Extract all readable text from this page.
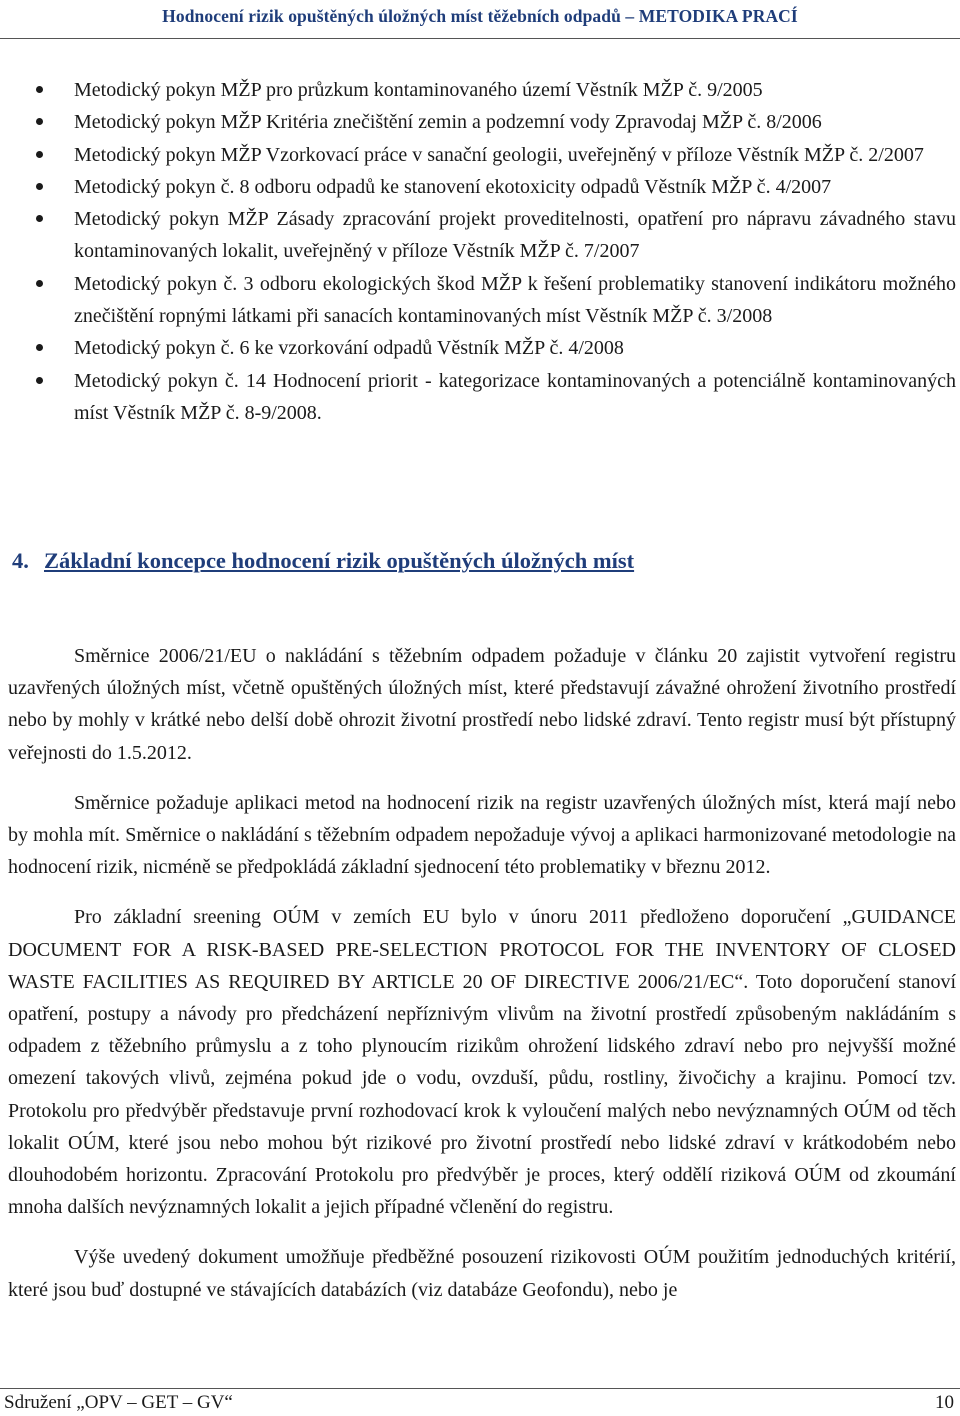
Hodnocení rizik opuštěných úložných míst těžebních odpadů – METODIKA PRACÍ
Metodický pokyn MŽP pro průzkum kontaminovaného území Věstník MŽP č. 9/2005
Metodický pokyn MŽP Kritéria znečištění zemin a podzemní vody Zpravodaj MŽP č. 8/2006
Metodický pokyn MŽP Vzorkovací práce v sanační geologii, uveřejněný v příloze Věstník MŽP č. 2/2007
Metodický pokyn č. 8 odboru odpadů ke stanovení ekotoxicity odpadů Věstník MŽP č. 4/2007
Metodický pokyn MŽP Zásady zpracování projekt proveditelnosti, opatření pro nápravu závadného stavu kontaminovaných lokalit, uveřejněný v příloze Věstník MŽP č. 7/2007
Metodický pokyn č. 3 odboru ekologických škod MŽP k řešení problematiky stanovení indikátoru možného znečištění ropnými látkami při sanacích kontaminovaných míst Věstník MŽP č. 3/2008
Metodický pokyn č. 6 ke vzorkování odpadů Věstník MŽP č. 4/2008
Metodický pokyn č. 14 Hodnocení priorit - kategorizace kontaminovaných a potenciálně kontaminovaných míst Věstník MŽP č. 8-9/2008.
4. Základní koncepce hodnocení rizik opuštěných úložných míst

Směrnice 2006/21/EU o nakládání s těžebním odpadem požaduje v článku 20 zajistit vytvoření registru uzavřených úložných míst, včetně opuštěných úložných míst, které představují závažné ohrožení životního prostředí nebo by mohly v krátké nebo delší době ohrozit životní prostředí nebo lidské zdraví. Tento registr musí být přístupný veřejnosti do 1.5.2012.

Směrnice požaduje aplikaci metod na hodnocení rizik na registr uzavřených úložných míst, která mají nebo by mohla mít. Směrnice o nakládání s těžebním odpadem nepožaduje vývoj a aplikaci harmonizované metodologie na hodnocení rizik, nicméně se předpokládá základní sjednocení této problematiky v březnu 2012.

Pro základní sreening OÚM v zemích EU bylo v únoru 2011 předloženo doporučení „GUIDANCE DOCUMENT FOR A RISK-BASED PRE-SELECTION PROTOCOL FOR THE INVENTORY OF CLOSED WASTE FACILITIES AS REQUIRED BY ARTICLE 20 OF DIRECTIVE 2006/21/EC“. Toto doporučení stanoví opatření, postupy a návody pro předcházení nepříznivým vlivům na životní prostředí způsobeným nakládáním s odpadem z těžebního průmyslu a z toho plynoucím rizikům ohrožení lidského zdraví nebo pro nejvyšší možné omezení takových vlivů, zejména pokud jde o vodu, ovzduší, půdu, rostliny, živočichy a krajinu. Pomocí tzv. Protokolu pro předvýběr představuje první rozhodovací krok k vyloučení malých nebo nevýznamných OÚM od těch lokalit OÚM, které jsou nebo mohou být rizikové pro životní prostředí nebo lidské zdraví v krátkodobém nebo dlouhodobém horizontu. Zpracování Protokolu pro předvýběr je proces, který oddělí riziková OÚM od zkoumání mnoha dalších nevýznamných lokalit a jejich případné včlenění do registru.

Výše uvedený dokument umožňuje předběžné posouzení rizikovosti OÚM použitím jednoduchých kritérií, které jsou buď dostupné ve stávajících databázích (viz databáze Geofondu), nebo je

Sdružení „OPV – GET – GV“	10
